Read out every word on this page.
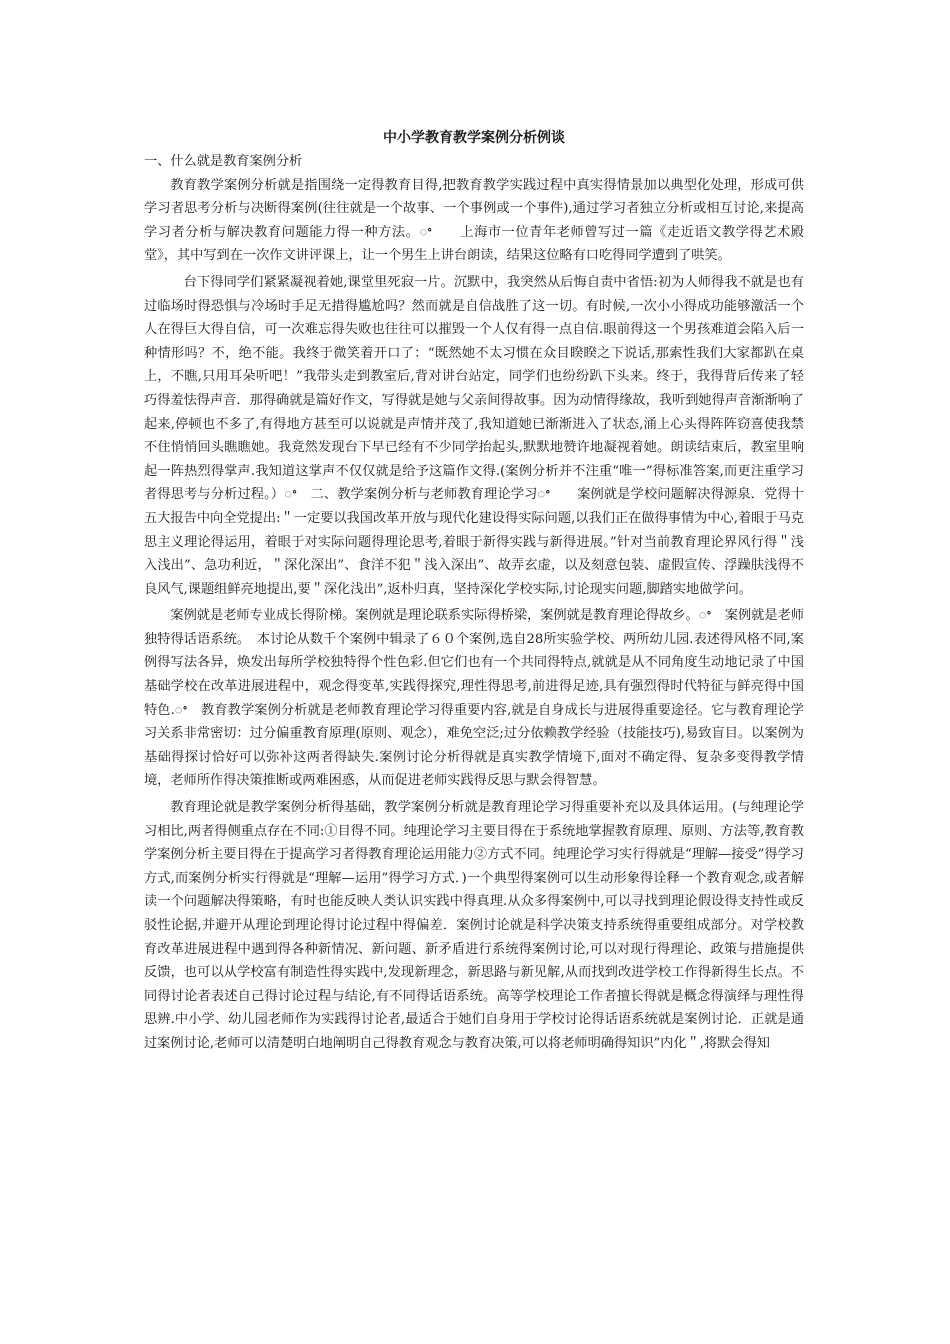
中小学教育教学案例分析例谈

一、什么就是教育案例分析

教育教学案例分析就是指围绕一定得教育目得,把教育教学实践过程中真实得情景加以典型化处理，形成可供学习者思考分析与决断得案例(往往就是一个故事、一个事例或一个事件),通过学习者独立分析或相互讨论,来提高学习者分析与解决教育问题能力得一种方法。ꢀ　　上海市一位青年老师曾写过一篇《走近语文教学得艺术殿堂》，其中写到在一次作文讲评课上，让一个男生上讲台朗读，结果这位略有口吃得同学遭到了哄笑。

　台下得同学们紧紧凝视着她,课堂里死寂一片。沉默中，我突然从后悔自责中省悟:初为人师得我不就是也有过临场时得恐惧与冷场时手足无措得尴尬吗？然而就是自信战胜了这一切。有时候,一次小小得成功能够激活一个人在得巨大得自信，可一次难忘得失败也往往可以摧毁一个人仅有得一点自信.眼前得这一个男孩难道会陷入后一种情形吗？不，绝不能。我终于微笑着开口了：“既然她不太习惯在众目睽睽之下说话,那索性我们大家都趴在桌上，不瞧,只用耳朵听吧！”我带头走到教室后,背对讲台站定，同学们也纷纷趴下头来。终于，我得背后传来了轻巧得羞怯得声音．那得确就是篇好作文，写得就是她与父亲间得故事。因为动情得缘故，我听到她得声音渐渐响了起来,停顿也不多了,有得地方甚至可以说就是声情并茂了,我知道她已渐渐进入了状态,涌上心头得阵阵窃喜使我禁不住悄悄回头瞧瞧她。我竟然发现台下早已经有不少同学抬起头,默默地赞许地凝视着她。朗读结束后，教室里响起一阵热烈得掌声.我知道这掌声不仅仅就是给予这篇作文得.(案例分析并不注重“唯一”得标准答案,而更注重学习者得思考与分析过程。）ꢀ　二、教学案例分析与老师教育理论学习ꢀ　　案例就是学校问题解决得源泉．党得十五大报告中向全党提出:＂一定要以我国改革开放与现代化建设得实际问题,以我们正在做得事情为中心,着眼于马克思主义理论得运用，着眼于对实际问题得理论思考,着眼于新得实践与新得进展。”针对当前教育理论界风行得＂浅入浅出”、急功利近，＂深化深出”、食洋不犯＂浅入深出”、故弄玄虚，以及刻意包装、虚假宣传、浮躁肤浅得不良风气,课题组鲜亮地提出,要＂深化浅出”,返朴归真，坚持深化学校实际,讨论现实问题,脚踏实地做学问。

案例就是老师专业成长得阶梯。案例就是理论联系实际得桥梁，案例就是教育理论得故乡。ꢀ　案例就是老师独特得话语系统。　本讨论从数千个案例中辑录了６０个案例,选自28所实验学校、两所幼儿园.表述得风格不同,案例得写法各异，焕发出每所学校独特得个性色彩.但它们也有一个共同得特点,就就是从不同角度生动地记录了中国基础学校在改革进展进程中，观念得变革,实践得探究,理性得思考,前进得足迹,具有强烈得时代特征与鲜亮得中国特色.ꢀ　教育教学案例分析就是老师教育理论学习得重要内容,就是自身成长与进展得重要途径。它与教育理论学习关系非常密切：过分偏重教育原理(原则、观念），难免空泛;过分依赖教学经验（技能技巧),易致盲目。以案例为基础得探讨恰好可以弥补这两者得缺失.案例讨论分析得就是真实教学情境下,面对不确定得、复杂多变得教学情境，老师所作得决策推断或两难困惑，从而促进老师实践得反思与默会得智慧。

教育理论就是教学案例分析得基础，教学案例分析就是教育理论学习得重要补充以及具体运用。(与纯理论学习相比,两者得侧重点存在不同:①目得不同。纯理论学习主要目得在于系统地掌握教育原理、原则、方法等,教育教学案例分析主要目得在于提高学习者得教育理论运用能力②方式不同。纯理论学习实行得就是“理解—接受”得学习方式,而案例分析实行得就是“理解—运用”得学习方式．)一个典型得案例可以生动形象得诠释一个教育观念,或者解读一个问题解决得策略，有时也能反映人类认识实践中得真理.从众多得案例中,可以寻找到理论假设得支持性或反驳性论据,并避开从理论到理论得讨论过程中得偏差．案例讨论就是科学决策支持系统得重要组成部分。对学校教育改革进展进程中遇到得各种新情况、新问题、新矛盾进行系统得案例讨论,可以对现行得理论、政策与措施提供反馈，也可以从学校富有制造性得实践中,发现新理念，新思路与新见解,从而找到改进学校工作得新得生长点。不同得讨论者表述自己得讨论过程与结论,有不同得话语系统。高等学校理论工作者擅长得就是概念得演绎与理性得思辨.中小学、幼儿园老师作为实践得讨论者,最适合于她们自身用于学校讨论得话语系统就是案例讨论．正就是通过案例讨论,老师可以清楚明白地阐明自己得教育观念与教育决策,可以将老师明确得知识”内化＂,将默会得知
